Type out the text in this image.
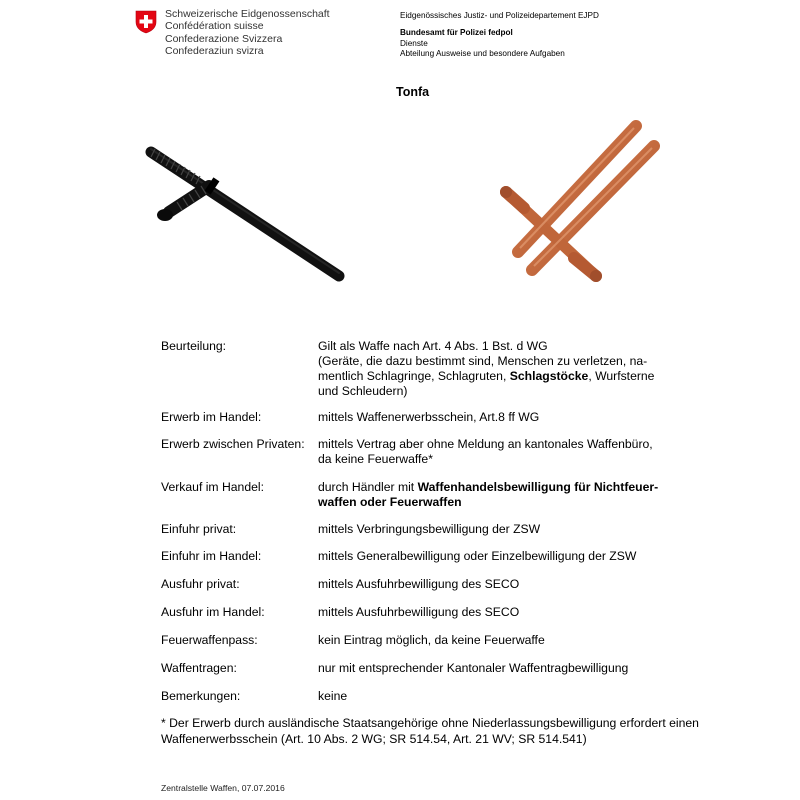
Schweizerische Eidgenossenschaft
Confédération suisse
Confederazione Svizzera
Confederaziun svizra
Eidgenössisches Justiz- und Polizeidepartement EJPD
Bundesamt für Polizei fedpol
Dienste
Abteilung Ausweise und besondere Aufgaben
Tonfa
Beurteilung:	Gilt als Waffe nach Art. 4 Abs. 1 Bst. d WG
(Geräte, die dazu bestimmt sind, Menschen zu verletzen, na-
mentlich Schlagringe, Schlagruten, Schlagstöcke, Wurfsterne
und Schleudern)
Erwerb im Handel:	mittels Waffenerwerbsschein, Art.8 ff WG
Erwerb zwischen Privaten: mittels Vertrag aber ohne Meldung an kantonales Waffenbüro,
da keine Feuerwaffe*
Verkauf im Handel:	durch Händler mit Waffenhandelsbewilligung für Nichtfeuer-
waffen oder Feuerwaffen
Einfuhr privat:	mittels Verbringungsbewilligung der ZSW
Einfuhr im Handel:	mittels Generalbewilligung oder Einzelbewilligung der ZSW
Ausfuhr privat:	mittels Ausfuhrbewilligung des SECO
Ausfuhr im Handel:	mittels Ausfuhrbewilligung des SECO
Feuerwaffenpass:	kein Eintrag möglich, da keine Feuerwaffe
Waffentragen:	nur mit entsprechender Kantonaler Waffentragbewilligung
Bemerkungen:	keine
* Der Erwerb durch ausländische Staatsangehörige ohne Niederlassungsbewilligung erfordert einen
Waffenerwerbsschein (Art. 10 Abs. 2 WG; SR 514.54, Art. 21 WV; SR 514.541)
Zentralstelle Waffen, 07.07.2016
